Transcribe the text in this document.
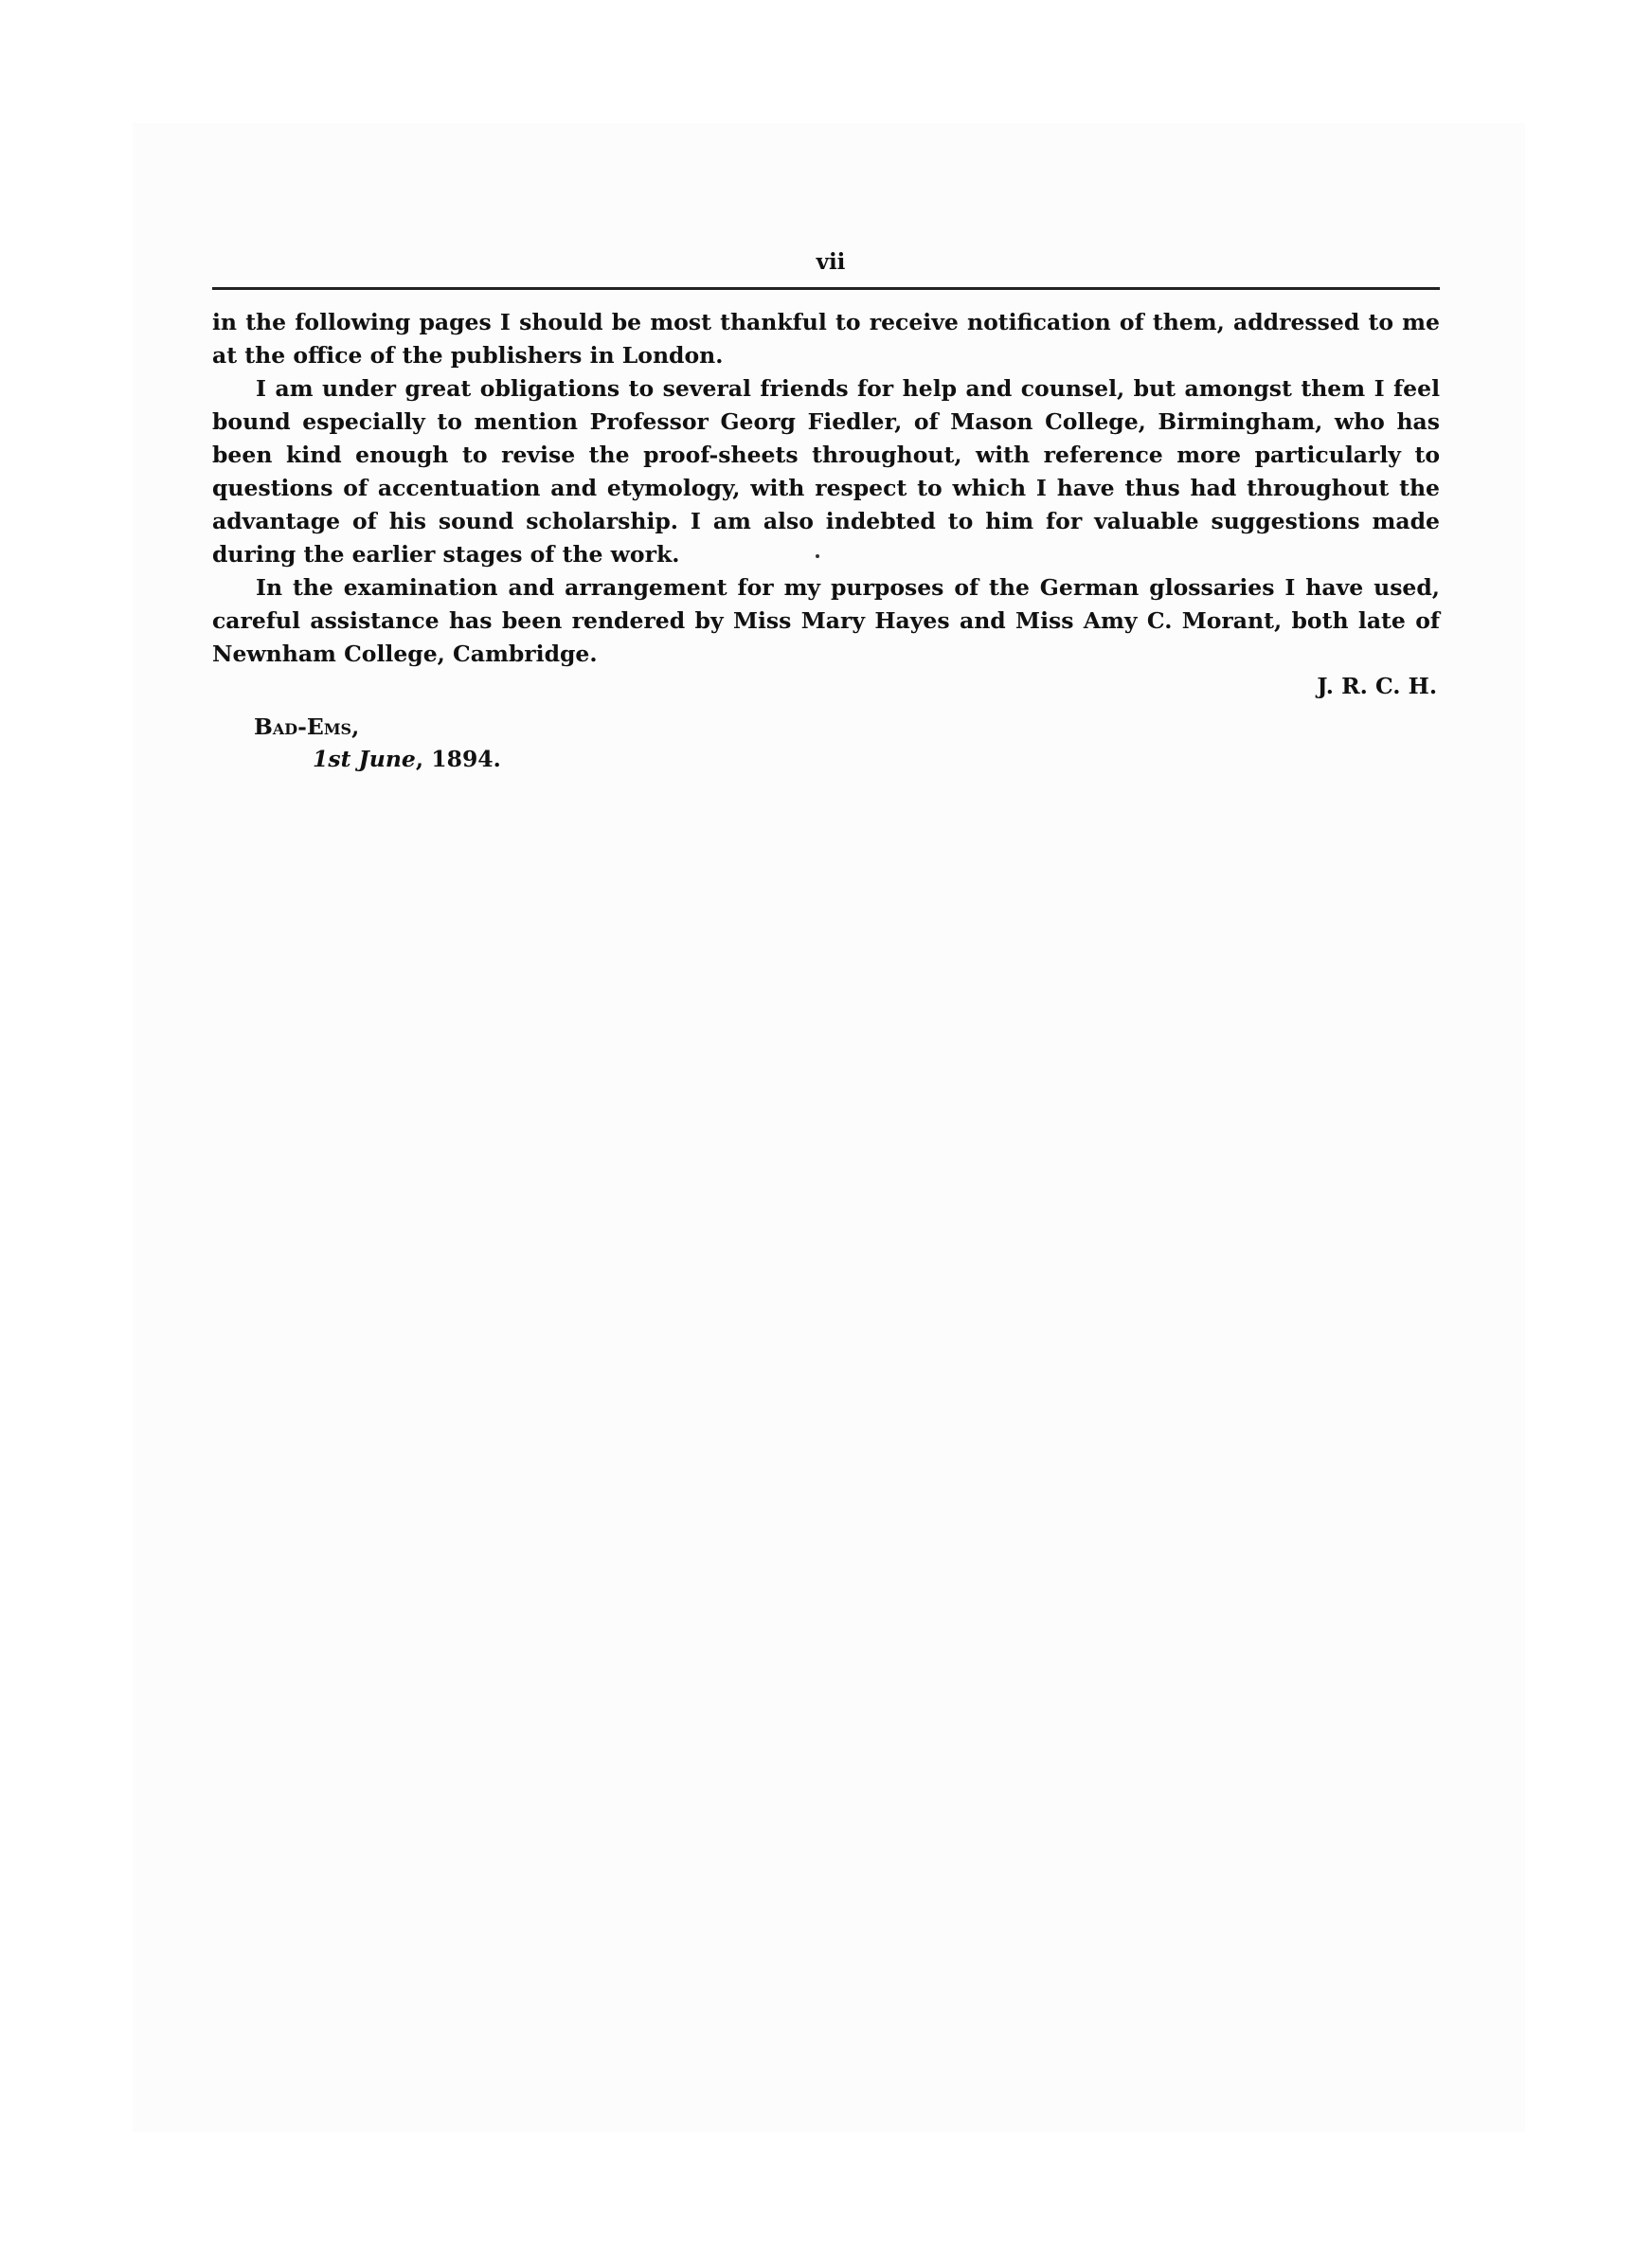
vii

in the following pages I should be most thankful to receive notification of them, addressed to me at the office of the publishers in London.

I am under great obligations to several friends for help and counsel, but amongst them I feel bound especially to mention Professor Georg Fiedler, of Mason College, Birmingham, who has been kind enough to revise the proof-sheets throughout, with reference more particularly to questions of accentuation and etymology, with respect to which I have thus had throughout the advantage of his sound scholarship. I am also indebted to him for valuable suggestions made during the earlier stages of the work.

In the examination and arrangement for my purposes of the German glossaries I have used, careful assistance has been rendered by Miss Mary Hayes and Miss Amy C. Morant, both late of Newnham College, Cambridge.

J. R. C. H.
Bad-Ems,
1st June, 1894.
